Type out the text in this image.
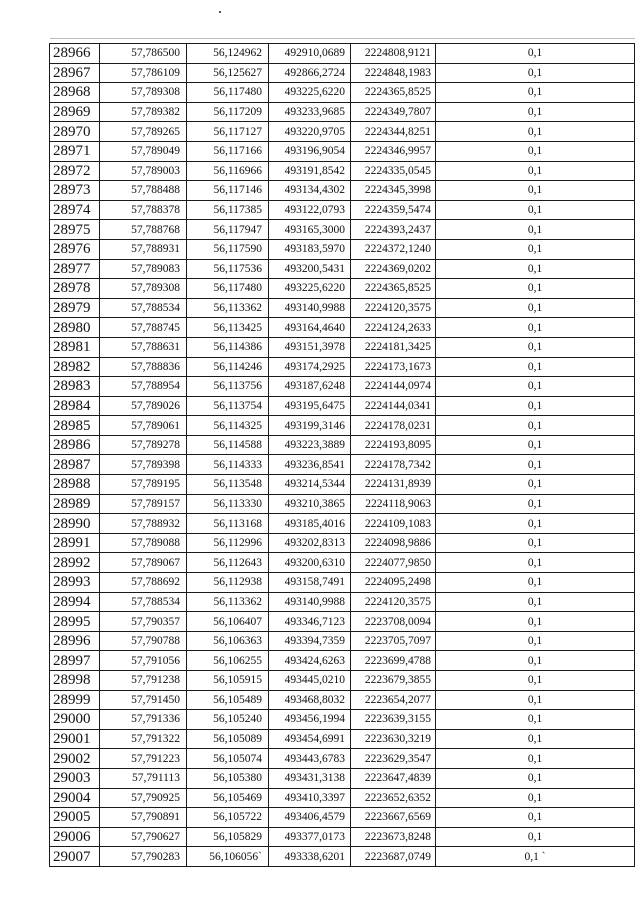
28966	57,786500	56,124962	492910,0689	2224808,9121	0,1
28967	57,786109	56,125627	492866,2724	2224848,1983	0,1
28968	57,789308	56,117480	493225,6220	2224365,8525	0,1
28969	57,789382	56,117209	493233,9685	2224349,7807	0,1
28970	57,789265	56,117127	493220,9705	2224344,8251	0,1
28971	57,789049	56,117166	493196,9054	2224346,9957	0,1
28972	57,789003	56,116966	493191,8542	2224335,0545	0,1
28973	57,788488	56,117146	493134,4302	2224345,3998	0,1
28974	57,788378	56,117385	493122,0793	2224359,5474	0,1
28975	57,788768	56,117947	493165,3000	2224393,2437	0,1
28976	57,788931	56,117590	493183,5970	2224372,1240	0,1
28977	57,789083	56,117536	493200,5431	2224369,0202	0,1
28978	57,789308	56,117480	493225,6220	2224365,8525	0,1
28979	57,788534	56,113362	493140,9988	2224120,3575	0,1
28980	57,788745	56,113425	493164,4640	2224124,2633	0,1
28981	57,788631	56,114386	493151,3978	2224181,3425	0,1
28982	57,788836	56,114246	493174,2925	2224173,1673	0,1
28983	57,788954	56,113756	493187,6248	2224144,0974	0,1
28984	57,789026	56,113754	493195,6475	2224144,0341	0,1
28985	57,789061	56,114325	493199,3146	2224178,0231	0,1
28986	57,789278	56,114588	493223,3889	2224193,8095	0,1
28987	57,789398	56,114333	493236,8541	2224178,7342	0,1
28988	57,789195	56,113548	493214,5344	2224131,8939	0,1
28989	57,789157	56,113330	493210,3865	2224118,9063	0,1
28990	57,788932	56,113168	493185,4016	2224109,1083	0,1
28991	57,789088	56,112996	493202,8313	2224098,9886	0,1
28992	57,789067	56,112643	493200,6310	2224077,9850	0,1
28993	57,788692	56,112938	493158,7491	2224095,2498	0,1
28994	57,788534	56,113362	493140,9988	2224120,3575	0,1
28995	57,790357	56,106407	493346,7123	2223708,0094	0,1
28996	57,790788	56,106363	493394,7359	2223705,7097	0,1
28997	57,791056	56,106255	493424,6263	2223699,4788	0,1
28998	57,791238	56,105915	493445,0210	2223679,3855	0,1
28999	57,791450	56,105489	493468,8032	2223654,2077	0,1
29000	57,791336	56,105240	493456,1994	2223639,3155	0,1
29001	57,791322	56,105089	493454,6991	2223630,3219	0,1
29002	57,791223	56,105074	493443,6783	2223629,3547	0,1
29003	57,791113	56,105380	493431,3138	2223647,4839	0,1
29004	57,790925	56,105469	493410,3397	2223652,6352	0,1
29005	57,790891	56,105722	493406,4579	2223667,6569	0,1
29006	57,790627	56,105829	493377,0173	2223673,8248	0,1
29007	57,790283	56,106056`	493338,6201	2223687,0749	0,1 `
